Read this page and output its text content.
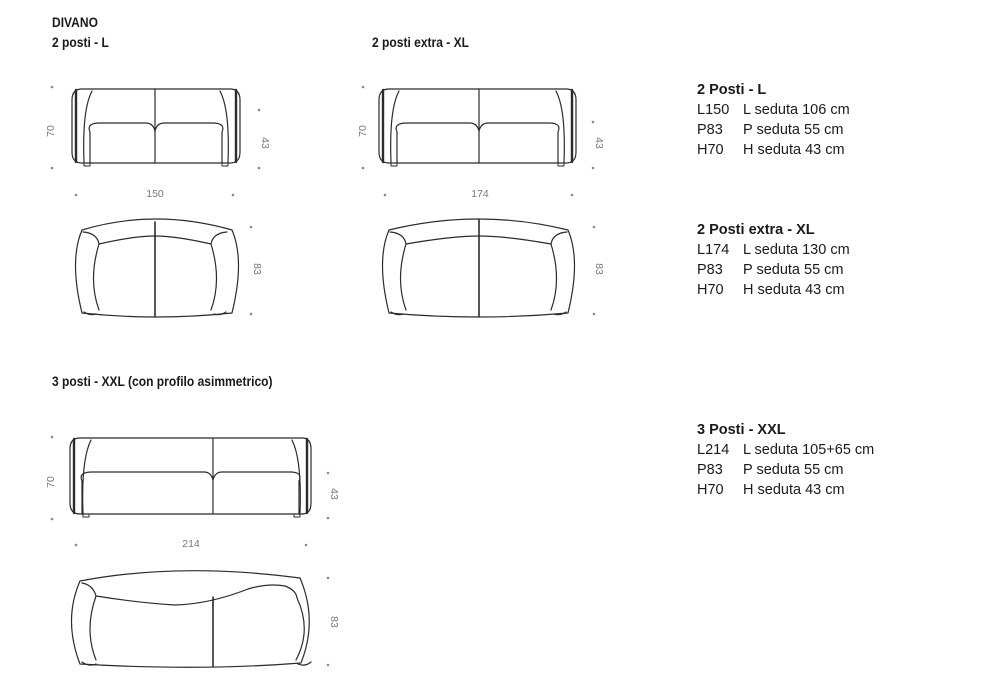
DIVANO
2 posti - L	2 posti extra - XL
3 posti - XXL (con profilo asimmetrico)
70
43
150
83
70
43
174
83
70
43
214
83
2 Posti - L
L150 L seduta 106 cm
P83	P seduta 55 cm
H70	H seduta 43 cm
2 Posti extra - XL
L174 L seduta 130 cm
P83	P seduta 55 cm
H70	H seduta 43 cm
3 Posti - XXL
L214 L seduta 105+65 cm
P83	P seduta 55 cm
H70	H seduta 43 cm
